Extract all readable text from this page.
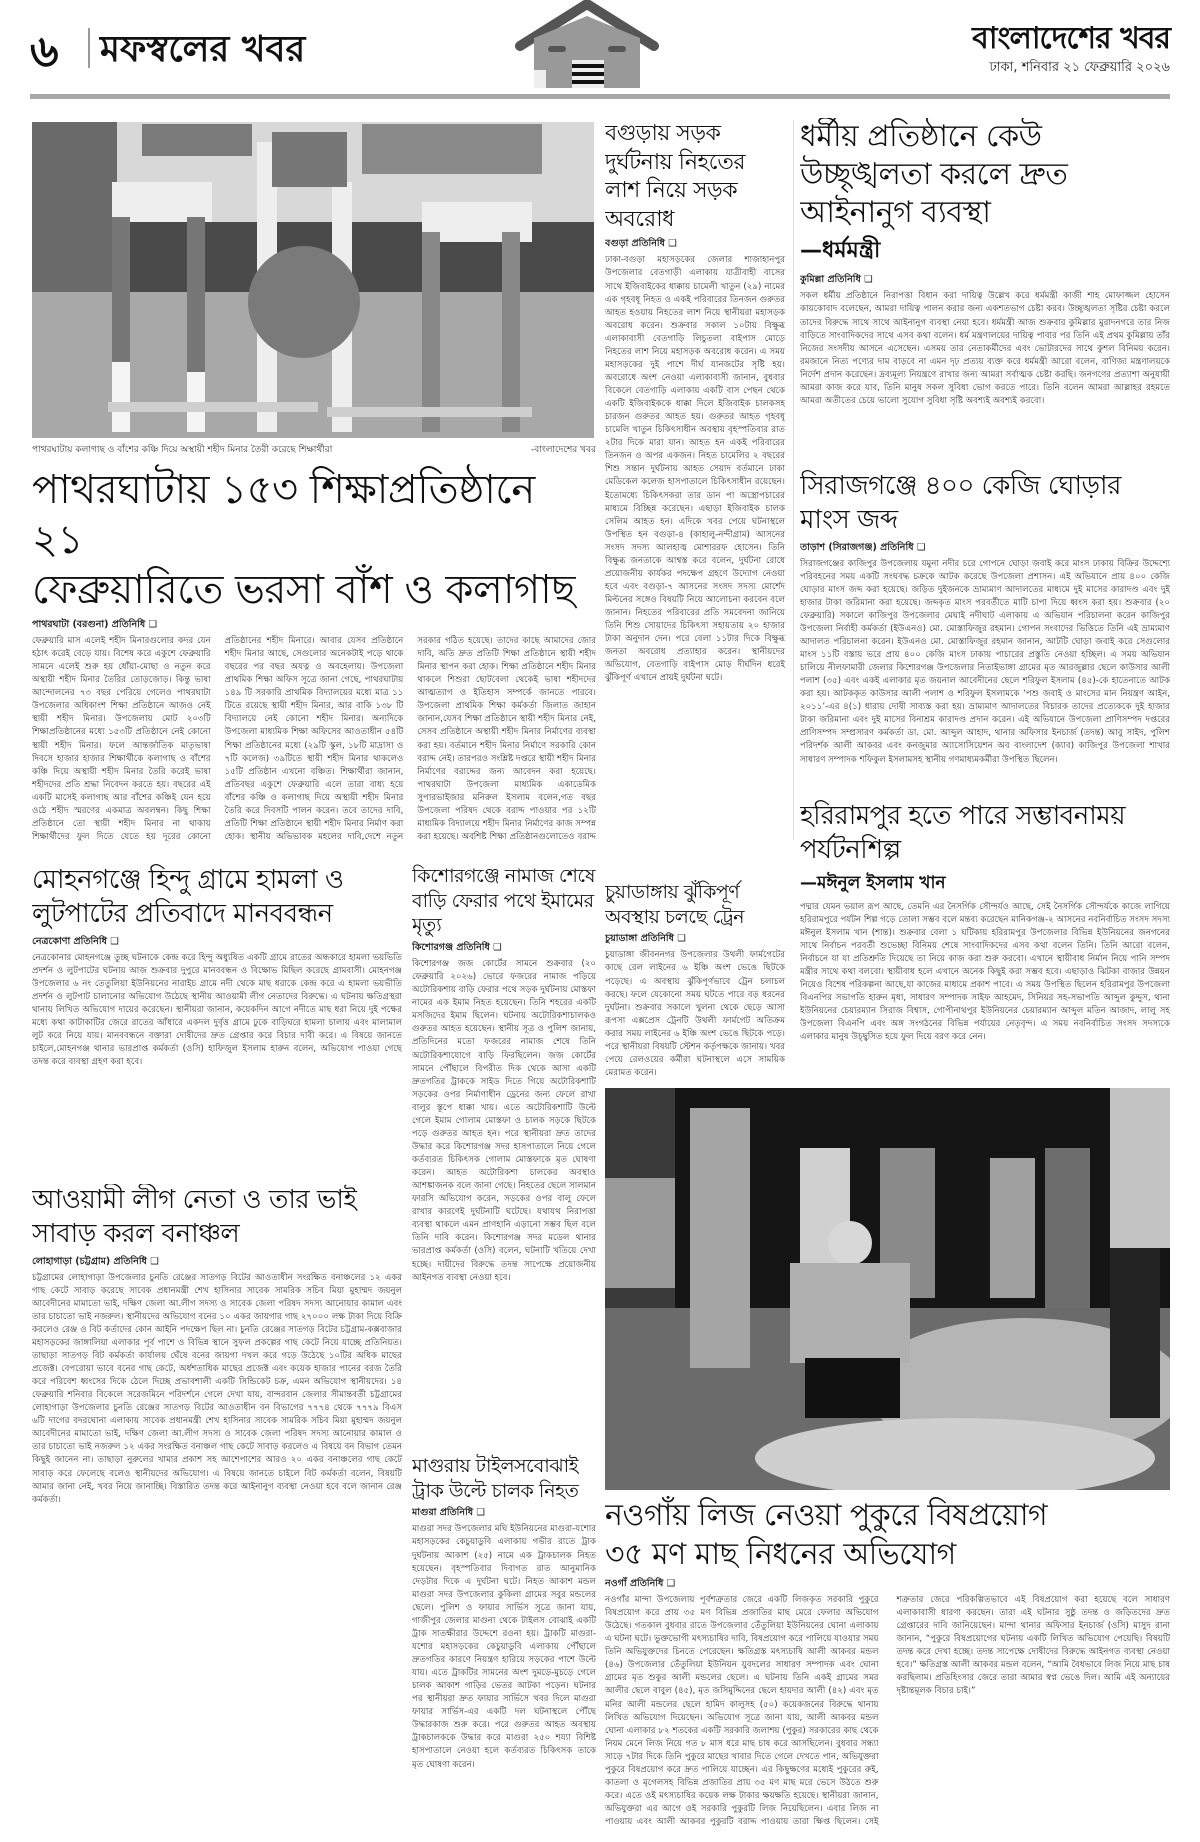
৬ মফস্বলের খবর	বাংলাদেশের খবর
ঢাকা, শনিবার ২১ ফেব্রুয়ারি ২০২৬
পাথরঘাটায় কলাগাছ ও বাঁশের কঞ্চি দিয়ে অস্থায়ী শহীদ মিনার তৈরী করেছে শিক্ষার্থীরা	-বাংলাদেশের খবর
পাথরঘাটায় ১৫৩ শিক্ষাপ্রতিষ্ঠানে ২১
ফেব্রুয়ারিতে ভরসা বাঁশ ও কলাগাছ
পাথরঘাটা (বরগুনা) প্রতিনিধি ❑
ফেব্রুয়ারি মাস এলেই শহীদ মিনারগুলোর কদর যেন হঠাৎ করেই বেড়ে যায়। বিশেষ করে একুশে ফেব্রুয়ারি সামনে এলেই শুরু হয় ধোঁয়া-মোছা ও নতুন করে অস্থায়ী শহীদ মিনার তৈরির তোড়জোড়। কিন্তু ভাষা আন্দোলনের ৭৩ বছর পেরিয়ে গেলেও পাথরঘাটা উপজেলার অধিকাংশ শিক্ষা প্রতিষ্ঠানে আজও নেই স্থায়ী শহীদ মিনার। উপজেলায় মোট ২০৩টি শিক্ষাপ্রতিষ্ঠানের মধ্যে ১৫৩টি প্রতিষ্ঠানে নেই কোনো স্থায়ী শহীদ মিনার। ফলে আন্তর্জাতিক মাতৃভাষা দিবসে হাজার হাজার শিক্ষার্থীকে কলাগাছ ও বাঁশের কঞ্চি দিয়ে অস্থায়ী শহীদ মিনার তৈরি করেই ভাষা শহীদদের প্রতি শ্রদ্ধা নিবেদন করতে হয়। বছরের এই একটি মাসেই কলাগাছ আর বাঁশের কঞ্চিই যেন হয়ে ওঠে শহীদ স্মরণের একমাত্র অবলম্বন। কিছু শিক্ষা প্রতিষ্ঠানে তো স্থায়ী শহীদ মিনার না থাকায় শিক্ষার্থীদের ফুল দিতে যেতে হয় দূরের কোনো প্রতিষ্ঠানের শহীদ মিনারে। আবার যেসব প্রতিষ্ঠানে শহীদ মিনার আছে, সেগুলোর অনেকটাই পড়ে থাকে বছরের পর বছর অযত্ন ও অবহেলায়। উপজেলা প্রাথমিক শিক্ষা অফিস সূত্রে জানা গেছে, পাথরঘাটায় ১৪৯ টি সরকারি প্রাথমিক বিদ্যালয়ের মধ্যে মাত্র ১১ টিতে রয়েছে স্থায়ী শহীদ মিনার, আর বাকি ১৩৮ টি বিদ্যালয়ে নেই কোনো শহীদ মিনার। অন্যদিকে উপজেলা মাধ্যমিক শিক্ষা অফিসের আওতাধীন ৫৪টি শিক্ষা প্রতিষ্ঠানের মধ্যে (২৯টি স্কুল, ১৮টি মাদ্রাসা ও ৭টি কলেজ) ৩৯টিতে স্থায়ী শহীদ মিনার থাকলেও ১৫টি প্রতিষ্ঠান এখনো বঞ্চিত। শিক্ষার্থীরা জানান, প্রতিবছর একুশে ফেব্রুয়ারি এলে তারা বাধ্য হয়ে বাঁশের কঞ্চি ও কলাগাছ দিয়ে অস্থায়ী শহীদ মিনার তৈরি করে দিবসটি পালন করেন। তবে তাদের দাবি, প্রতিটি শিক্ষা প্রতিষ্ঠানে স্থায়ী শহীদ মিনার নির্মাণ করা হোক। স্থানীয় অভিভাবক মহলের দাবি,দেশে নতুন সরকার গঠিত হয়েছে। তাদের কাছে আমাদের জোর দাবি, অতি দ্রুত প্রতিটি শিক্ষা প্রতিষ্ঠানে স্থায়ী শহীদ মিনার স্থাপন করা হোক। শিক্ষা প্রতিষ্ঠানে শহীদ মিনার থাকলে শিশুরা ছোটবেলা থেকেই ভাষা শহীদদের আত্মত্যাগ ও ইতিহাস সম্পর্কে জানতে পারবে। উপজেলা প্রাথমিক শিক্ষা কর্মকর্তা জিলাত জাহান জানান,যেসব শিক্ষা প্রতিষ্ঠানে স্থায়ী শহীদ মিনার নেই, সেসব প্রতিষ্ঠানে অস্থায়ী শহীদ মিনার নির্মাণের ব্যবস্থা করা হয়। বর্তমানে শহীদ মিনার নির্মাণে সরকারি কোন বরাদ্দ নেই। তারপরও সংশ্লিষ্ট দপ্তরে স্থায়ী শহীদ মিনার নির্মাণের বরাদ্দের জন্য আবেদন করা হয়েছে। পাথরঘাটা উপজেলা মাধ্যমিক একাডেমিক সুপারভাইজার মনিরুল ইসলাম বলেন,গত বছর উপজেলা পরিষদ থেকে বরাদ্দ পাওয়ার পর ১২টি মাধ্যমিক বিদ্যালয়ে শহীদ মিনার নির্মাণের কাজ সম্পন্ন করা হয়েছে। অবশিষ্ট শিক্ষা প্রতিষ্ঠানগুলোতেও বরাদ্দ
বগুড়ায় সড়ক দুর্ঘটনায় নিহতের লাশ নিয়ে সড়ক অবরোধ
বগুড়া প্রতিনিধি ❑
ঢাকা-বগুড়া মহাসড়কের জেলার শাজাহানপুর উপজেলার বেতগাড়ী এলাকায় যাত্রীবাহী বাসের সাথে ইজিবাইকের ধাক্কায় চামেলী খাতুন (২৯) নামের এক গৃহবধূ নিহত ও একই পরিবারের তিনজন গুরুতর আহত হওয়ায় নিহতের লাশ নিয়ে স্থানীয়রা মহাসড়ক অবরোধ করেন। শুক্রবার সকাল ১০টায় বিক্ষুব্ধ এলাকাবাসী বেতগাড়ি লিচুতলা বাইপাস মোড়ে নিহতের লাশ নিয়ে মহাসড়ক অবরোধ করেন। এ সময় মহাসড়কের দুই পাশে দীর্ঘ যানজটের সৃষ্টি হয়। অবরোধে অংশ নেওয়া এলাকাবাসী জানান, বুধবার বিকেলে বেতগাড়ি এলাকায় একটি বাস পেছন থেকে একটি ইজিবাইককে ধাক্কা দিলে ইজিবাইক চালকসহ চারজন গুরুতর আহত হয়। গুরুতর আহত গৃহবধূ চামেলি খাতুন চিকিৎসাধীন অবস্থায় বৃহস্পতিবার রাত ২টার দিকে মারা যান। আহত হন একই পরিবারের তিনজন ও অপর একজন। নিহত চামেলির ২ বছরের শিশু সন্তান দুর্ঘটনায় আহত সেয়াদ বর্তমানে ঢাকা মেডিকেল কলেজ হাসপাতালে চিকিৎসাধীন রয়েছেন। ইতোমধ্যে চিকিৎসকরা তার ডান পা অস্ত্রোপচারের মাধ্যমে বিচ্ছিন্ন করেছেন। এছাড়া ইজিবাইক চালক সেলিম আহত হন। এদিকে খবর পেয়ে ঘটনাস্থলে উপস্থিত হন বগুড়া-৪ (কাহালু-নন্দীগ্রাম) আসনের সংসদ সদস্য আলহাজ্ব মোশাররফ হোসেন। তিনি বিক্ষুব্ধ জনতাকে আশ্বস্ত করে বলেন, দুর্ঘটনা রোধে প্রয়োজনীয় কার্যকর পদক্ষেপ গ্রহণে উদ্যোগ নেওয়া হবে এবং বগুড়া-৭ আসনের সংসদ সদস্য মোর্শেদ মিল্টনের সঙ্গেও বিষয়টি নিয়ে আলোচনা করবেন বলে জানান। নিহতের পরিবারের প্রতি সমবেদনা জানিয়ে তিনি শিশু সোয়াদের চিকিৎসা সহায়তায় ২০ হাজার টাকা অনুদান দেন। পরে বেলা ১১টার দিকে বিক্ষুব্ধ জনতা অবরোধ প্রত্যাহার করেন। স্থানীয়দের অভিযোগ, বেতগাড়ি বাইপাস মোড় দীর্ঘদিন ধরেই ঝুঁকিপূর্ণ এখানে প্রায়ই দুর্ঘটনা ঘটে।
ধর্মীয় প্রতিষ্ঠানে কেউ উচ্ছৃঙ্খলতা করলে দ্রুত আইনানুগ ব্যবস্থা
—ধর্মমন্ত্রী
কুমিল্লা প্রতিনিধি ❑
সকল ধর্মীয় প্রতিষ্ঠানে নিরাপত্তা বিধান করা দায়িত্ব উল্লেখ করে ধর্মমন্ত্রী কাজী শাহ মোফাজ্জল হোসেন কায়কোবাদ বলেছেন, আমরা দায়িত্ব পালন করার জন্য একশতভাগ চেষ্টা করব। উচ্ছৃঙ্খলতা সৃষ্টির চেষ্টা করলে তাদের বিরুদ্ধে সাথে সাথে আইনানুগ ব্যবস্থা নেয়া হবে। ধর্মমন্ত্রী আজ শুক্রবার কুমিল্লার মুরাদনগরে তার নিজ বাড়িতে সাংবাদিকদের সাথে এসব কথা বলেন। ধর্ম মন্ত্রণালয়ের দায়িত্ব পাবার পর তিনি এই প্রথম কুমিল্লায় তাঁর নিজের সংসদীয় আসনে এসেছেন। এসময় তার নেতাকর্মীদের এবং ভোটারদের সাথে কুশল বিনিময় করেন। রমজানে নিত্য পণ্যের দাম বাড়বে না এমন দৃঢ় প্রত্যয় ব্যক্ত করে ধর্মমন্ত্রী আরো বলেন, বাণিজ্য মন্ত্রণালয়কে নির্দেশ প্রদান করেছেন। দ্রব্যমূল্য নিয়ন্ত্রণে রাখার জন্য আমরা সর্বাত্মক চেষ্টা করছি। জনগণের প্রত্যাশা অনুযায়ী আমরা কাজ করে যাব, তিনি মানুষ সকল সুবিধা ভোগ করতে পারে। তিনি বলেন আমরা আল্লাহর রহমতে আমরা অতীতের চেয়ে ভালো সুযোগ সুবিধা সৃষ্টি অবশ্যই অবশ্যই করবো।
সিরাজগঞ্জে ৪০০ কেজি ঘোড়ার মাংস জব্দ
তাড়াশ (সিরাজগঞ্জ) প্রতিনিধি ❑
সিরাজগঞ্জের কাজিপুর উপজেলায় যমুনা নদীর চরে গোপনে ঘোড়া জবাই করে মাংস ঢাকায় বিক্রির উদ্দেশ্যে পরিবহনের সময় একটি সংঘবদ্ধ চক্রকে আটক করেছে উপজেলা প্রশাসন। এই অভিযানে প্রায় ৪০০ কেজি ঘোড়ার মাংস জব্দ করা হয়েছে। জড়িত দুইজনকে ভ্রাম্যমাণ আদালতের মাধ্যমে দুই মাসের কারাদণ্ড এবং দুই হাজার টাকা জরিমানা করা হয়েছে। জব্দকৃত মাংস পরবর্তীতে মাটি চাপা দিয়ে ধ্বংস করা হয়। শুক্রবার (২০ ফেব্রুয়ারি) সকালে কাজিপুর উপজেলার মেঘাই নদীঘাট এলাকায় এ অভিযান পরিচালনা করেন কাজিপুর উপজেলা নির্বাহী কর্মকর্তা (ইউএনও) মো. মোস্তাফিজুর রহমান। গোপন সংবাদের ভিত্তিতে তিনি এই ভ্রাম্যমাণ আদালত পরিচালনা করেন। ইউএনও মো. মোস্তাফিজুর রহমান জানান, আটটি ঘোড়া জবাই করে সেগুলোর মাংস ১১টি বস্তায় ভরে প্রায় ৪০০ কেজি মাংস ঢাকায় পাচারের প্রস্তুতি নেওয়া হচ্ছিল। এ সময় অভিযান চালিয়ে নীলফামারী জেলার কিশোরগঞ্জ উপজেলার নিতাইভাঙ্গা গ্রামের মৃত আরজুল্লার ছেলে কাউসার আলী পলাশ (৩৫) এবং একই এলাকার মৃত জয়নাল আবেদীনের ছেলে শরিফুল ইসলাম (৪৫)-কে হাতেনাতে আটক করা হয়। আটককৃত কাউসার আলী পলাশ ও শরিফুল ইসলামকে ‘পশু জবাই ও মাংসের মান নিয়ন্ত্রণ আইন, ২০১১’-এর ৪(১) ধারায় দোষী সাব্যস্ত করা হয়। ভ্রাম্যমাণ আদালতের বিচারক তাদের প্রত্যেককে দুই হাজার টাকা জরিমানা এবং দুই মাসের বিনাশ্রম কারাদণ্ড প্রদান করেন। এই অভিযানে উপজেলা প্রাণিসম্পদ দপ্তরের প্রাণিসম্পদ সম্প্রসারণ কর্মকর্তা ডা. মো. আব্দুল আহাদ, থানার অফিসার ইনচার্জ (তদন্ত) আবু সাইদ, পুলিশ পরিদর্শক আলী আকবর এবং কনজুমার অ্যাসোসিয়েশন অব বাংলাদেশ (ক্যাব) কাজিপুর উপজেলা শাখার সাধারণ সম্পাদক শফিকুল ইসলামসহ স্থানীয় গণমাধ্যমকর্মীরা উপস্থিত ছিলেন।
হরিরামপুর হতে পারে সম্ভাবনাময় পর্যটনশিল্প
—মঈনুল ইসলাম খান
পদ্মার যেমন ভয়াল রূপ আছে, তেমনি এর নৈসর্গিক সৌন্দর্যও আছে, সেই নৈসর্গিক সৌন্দর্যকে কাজে লাগিয়ে হরিরামপুরে পর্যটন শিল্প গড়ে তোলা সম্ভব বলে মন্তব্য করেছেন মানিকগঞ্জ-২ আসনের নবনির্বাচিত সংসদ সদস্য মঈনুল ইসলাম খান (শান্ত)। শুক্রবার বেলা ১ ঘটিকায় হরিরামপুর উপজেলার বিভিন্ন ইউনিয়নের জনগনের সাথে নির্বাচন পরবর্তী শুভেচ্ছা বিনিময় শেষে সাংবাদিকদের এসব কথা বলেন তিনি। তিনি আরো বলেন, নির্বাচনে যা যা প্রতিশ্রুতি দিয়েছে তা নিয়ে কাজ করা শুরু করবো। এখানে স্থায়ীবাধ নির্মান নিয়ে পানি সম্পদ মন্ত্রীর সাথে কথা বলবো। স্থায়ীবাধ হলে এখানে অনেক কিছুই করা সম্ভব হবে। এছাড়াও ঝিটকা বাজার উন্নয়ন নিয়েও বিশেষ পরিকল্পনা আছে,যা কাজের মাধ্যমে প্রকাশ পাবে। এ সময় উপস্থিত ছিলেন হরিরামপুর উপজেলা বিএনপির সভাপতি হারুন মৃধা, সাধারণ সম্পাদক সাইফ আহমেদ, সিনিয়র সহ-সভাপতি আব্দুল কুদ্দুস, থানা ইউনিয়নের চেয়ারম্যান সিরাজ বিশ্বাস, গোপীনাথপুর ইউনিয়নের চেয়ারম্যান আব্দুল মতিন আজাদ, লালু সহ উপজেলা বিএনপি এবং অঙ্গ সংগঠনের বিভিন্ন পর্যায়ের নেতৃবৃন্দ। এ সময় নবনির্বাচিত সংসদ সদস্যকে এলাকার মানুষ উচ্ছ্বসিত হয়ে ফুল দিয়ে বরণ করে নেন।
মোহনগঞ্জে হিন্দু গ্রামে হামলা ও লুটপাটের প্রতিবাদে মানববন্ধন
নেত্রকোণা প্রতিনিধি ❑
নেত্রকোনার মোহনগঞ্জে তুচ্ছ ঘটনাকে কেন্দ্র করে হিন্দু অধ্যুষিত একটি গ্রামে রাতের অন্ধকারে হামলা ভয়ভিতি প্রদর্শন ও লুটপাটের ঘটনায় আজ শুক্রবার দুপুরে মানববন্ধন ও বিক্ষোভ মিছিল করেছে গ্রামবাসী। মোহনগঞ্জ উপজেলার ৬ নং তেতুলিয়া ইউনিয়নের নারাইচ গ্রামে নদী থেকে মাছ ধরাকে কেন্দ্র করে এ হামলা ভয়ভীতি প্রদর্শন ও লুটপাট চালানোর অভিযোগ উঠেছে স্থানীয় আওয়ামী লীগ নেতাদের বিরুদ্ধে। এ ঘটনায় ক্ষতিগ্রস্থরা থানায় লিখিত অভিযোগ দায়ের করেছেন। স্থানীয়রা জানান, কয়েকদিন আগে নদীতে মাছ ধরা নিয়ে দুই পক্ষের মধ্যে কথা কাটাকাটির জেরে রাতের আঁধারে একদল দুর্বৃত্ত গ্রামে ঢুকে বাড়িঘরে হামলা চালায় এবং মালামাল লুট করে নিয়ে যায়। মানববন্ধনে বক্তারা দোষীদের দ্রুত গ্রেপ্তার করে বিচার দাবী করে। এ বিষয়ে জানতে চাইলে,মোহনগঞ্জ থানার ভারপ্রাপ্ত কর্মকর্তা (ওসি) হাফিজুল ইসলাম হারুন বলেন, অভিযোগ পাওয়া গেছে তদন্ত করে ব্যবস্থা গ্রহণ করা হবে।
কিশোরগঞ্জে নামাজ শেষে বাড়ি ফেরার পথে ইমামের মৃত্যু
কিশোরগঞ্জ প্রতিনিধি ❑
কিশোরগঞ্জ জজ কোর্টের সামনে শুক্রবার (২০ ফেব্রুয়ারি ২০২৬) ভোরে ফজরের নামাজ পড়িয়ে অটোরিকশায় বাড়ি ফেরার পথে সড়ক দুর্ঘটনায় মোস্তফা নামের এক ইমাম নিহত হয়েছেন। তিনি শহরের একটি মসজিদের ইমাম ছিলেন। ঘটনায় অটোরিকশাচালকও গুরুতর আহত হয়েছেন। স্থানীয় সূত্র ও পুলিশ জানায়, প্রতিদিনের মতো ফজরের নামাজ শেষে তিনি অটোরিকশাযোগে বাড়ি ফিরছিলেন। জজ কোর্টের সামনে পৌঁছালে বিপরীত দিক থেকে আসা একটি দ্রুতগতির ট্রাককে সাইড দিতে গিয়ে অটোরিকশাটি সড়কের ওপর নির্মাণাধীন ড্রেনের জন্য ফেলে রাখা বালুর স্তূপে ধাক্কা খায়। এতে অটোরিকশাটি উল্টে গেলে ইমাম গোলাম মোস্তফা ও চালক সড়কে ছিটকে পড়ে গুরুতর আহত হন। পরে স্থানীয়রা দ্রুত তাদের উদ্ধার করে কিশোরগঞ্জ সদর হাসপাতালে নিয়ে গেলে কর্তব্যরত চিকিৎসক গোলাম মোস্তফাকে মৃত ঘোষণা করেন। আহত অটোরিকশা চালকের অবস্থাও আশঙ্কাজনক বলে জানা গেছে। নিহতের ছেলে সালমান ফারসি অভিযোগ করেন, সড়কের ওপর বালু ফেলে রাখার কারণেই দুর্ঘটনাটি ঘটেছে। যথাযথ নিরাপত্তা ব্যবস্থা থাকলে এমন প্রাণহানি এড়ানো সম্ভব ছিল বলে তিনি দাবি করেন। কিশোরগঞ্জ সদর মডেল থানার ভারপ্রাপ্ত কর্মকর্তা (ওসি) বলেন, ঘটনাটি খতিয়ে দেখা হচ্ছে। দায়ীদের বিরুদ্ধে তদন্ত সাপেক্ষে প্রয়োজনীয় আইনগত ব্যবস্থা নেওয়া হবে।
চুয়াডাঙ্গায় ঝুঁকিপূর্ণ অবস্থায় চলছে ট্রেন
চুয়াডাঙ্গা প্রতিনিধি ❑
চুয়াডাঙ্গা জীবননগর উপজেলার উথলী ফার্মগেটের কাছে রেল লাইনের ৬ ইঞ্চি অংশ ভেঙে ছিটকে পড়েছে। এ অবস্থায় ঝুঁকিপূর্ণভাবে ট্রেন চলাচল করছে। ফলে যেকোনো সময় ঘটতে পারে বড় ধরনের দুর্ঘটনা। শুক্রবার সকালে খুলনা থেকে ছেড়ে আসা রূপসা এক্সপ্রেস ট্রেনটি উথলী ফার্মগেট অতিক্রম করার সময় লাইনের ৬ ইঞ্চি অংশ ভেঙে ছিটকে পড়ে। পরে স্থানীয়রা বিষয়টি স্টেশন কর্তৃপক্ষকে জানায়। খবর পেয়ে রেলওয়ের কর্মীরা ঘটনাস্থলে এসে সাময়িক মেরামত করেন।
আওয়ামী লীগ নেতা ও তার ভাই সাবাড় করল বনাঞ্চল
লোহাগাড়া (চট্টগ্রাম) প্রতিনিধি ❑
চট্টগ্রামের লোহাগাড়া উপজেলার চুনতি রেঞ্জের সাতগড় বিটের আওতাধীন সংরক্ষিত বনাঞ্চলের ১২ একর গাছ কেটে সাবাড় করেছে সাবেক প্রধানমন্ত্রী শেখ হাসিনার সাবেক সামরিক সচিব মিয়া মুহাম্মদ জয়নুল আবেদীনের মামাতো ভাই, দক্ষিণ জেলা আ.লীগ সদস্য ও সাবেক জেলা পরিষদ সদস্য আনোয়ার কামাল এবং তার চাচাতো ভাই নজরুল। স্থানীয়দের অভিযোগ বনের ১০ একর জায়গার গাছ ২৭০০০ লক্ষ টাকা দিয়ে বিক্রি করলেও রেঞ্জ ও বিট কর্তাদের কোন আইনি পদক্ষেপ ছিল না। চুনতি রেঞ্জের সাতগড় বিটের চট্টগ্রাম-কক্সবাজার মহাসড়কের জাঙ্গালিয়া এলাকার পূর্ব পাশে ও বিভিন্ন স্থানে সুফল প্রকল্পের গাছ কেটে নিয়ে যাচ্ছে প্রতিনিয়ত। তাছাড়া সাতগড় বিট কর্মকর্তা কার্যালয় ঘেঁষে বনের জায়গা দখল করে গড়ে উঠেছে ১০টির অধিক মাছের প্রজেক্ট। বেপরোয়া ভাবে বনের গাছ কেটে, অর্ধশতাধিক মাছের প্রজেক্ট এবং কয়েক হাজার পানের বরজ তৈরি করে পরিবেশ ধ্বংসের দিকে ঠেলে দিচ্ছে প্রভাবশালী একটি সিন্ডিকেট চক্র, এমন অভিযোগ স্থানীয়দের। ১৪ ফেব্রুয়ারি শনিবার বিকেলে সরেজমিনে পরিদর্শনে গেলে দেখা যায়, বান্দরবান জেলার সীমান্তবর্তী চট্টগ্রামের লোহাগাড়া উপজেলার চুনতি রেঞ্জের সাতগড় বিটের আওতাধীন বন বিভাগের ৭৭৭৪ থেকে ৭৭৭৯ বিএস ৬টি দাগের বদরঘোনা এলাকায় সাবেক প্রধানমন্ত্রী শেখ হাসিনার সাবেক সামরিক সচিব মিয়া মুহাম্মদ জয়নুল আবেদীনের মামাতো ভাই, দক্ষিণ জেলা আ.লীগ সদস্য ও সাবেক জেলা পরিষদ সদস্য আনোয়ার কামাল ও তার চাচাতো ভাই নজরুল ১২ একর সংরক্ষিত বনাঞ্চল গাছ কেটে সাবাড় করলেও এ বিষয়ে বন বিভাগ তেমন কিছুই জানেন না। তাছাড়া নুরুলের খামার প্রকাশ সহ আশেপাশের আরও ২০ একর বনাঞ্চলের গাছ কেটে সাবাড় করে ফেলেছে বলেও স্থানীয়দের অভিযোগ। এ বিষয়ে জানতে চাইলে বিট কর্মকর্তা বলেন, বিষয়টি আমার জানা নেই, খবর নিয়ে জানাচ্ছি। বিস্তারিত তদন্ত করে আইনানুগ ব্যবস্থা নেওয়া হবে বলে জানান রেঞ্জ কর্মকর্তা।
মাগুরায় টাইলসবোঝাই ট্রাক উল্টে চালক নিহত
মাগুরা প্রতিনিধি ❑
মাগুরা সদর উপজেলার মঘি ইউনিয়নের মাগুরা-যশোর মহাসড়কের কেচুয়াডুবি এলাকায় গভীর রাতে ট্রাক দুর্ঘটনায় আকাশ (২৫) নামে এক ট্রাকচালক নিহত হয়েছেন। বৃহস্পতিবার দিবাগত রাত আনুমানিক দেড়টার দিকে এ দুর্ঘটনা ঘটে। নিহত আকাশ মন্ডল মাগুরা সদর উপজেলার কুকিলা গ্রামের সবুর মন্ডলের ছেলে। পুলিশ ও ফায়ার সার্ভিস সূত্রে জানা যায়, গাজীপুর জেলার মাগুনা থেকে টাইলস বোঝাই একটি ট্রাক সাতক্ষীরার উদ্দেশে রওনা হয়। ট্রাকটি মাগুরা-যশোর মহাসড়কের কেচুয়াডুবি এলাকায় পৌঁছালে দ্রুতগতির কারণে নিয়ন্ত্রণ হারিয়ে সড়কের পাশে উল্টে যায়। এতে ট্রাকটির সামনের অংশ দুমড়ে-মুচড়ে গেলে চালক আকাশ গাড়ির ভেতর আটকা পড়েন। ঘটনার পর স্থানীয়রা দ্রুত ফায়ার সার্ভিসে খবর দিলে মাগুরা ফায়ার সার্ভিস-এর একটি দল ঘটনাস্থলে পৌঁছে উদ্ধারকাজ শুরু করে। পরে গুরুতর আহত অবস্থায় ট্রাকচালককে উদ্ধার করে মাগুরা ২৫০ শয্যা বিশিষ্ট হাসপাতালে নেওয়া হলে কর্তব্যরত চিকিৎসক তাকে মৃত ঘোষণা করেন।
নওগাঁয় লিজ নেওয়া পুকুরে বিষপ্রয়োগ
৩৫ মণ মাছ নিধনের অভিযোগ
নওগাঁ প্রতিনিধি ❑
নওগাঁর মান্দা উপজেলায় পূর্বশত্রুতার জেরে একটি লিজকৃত সরকারি পুকুরে বিষপ্রয়োগ করে প্রায় ৩৫ মণ বিভিন্ন প্রজাতির মাছ মেরে ফেলার অভিযোগ উঠেছে। গতকাল বুধবার রাতে উপজেলার তেঁতুলিয়া ইউনিয়নের ঘোনা এলাকায় এ ঘটনা ঘটে। ভুক্তভোগী মৎস্যচাষির দাবি, বিষপ্রয়োগ করে পালিয়ে যাওয়ার সময় তিনি অভিযুক্তদের চিনতে পেরেছেন। ক্ষতিগ্রস্ত মৎস্যচাষি আলী আকবর মন্ডল (৪৬) উপজেলার তেঁতুলিয়া ইউনিয়ন যুবদলের সাধারণ সম্পাদক এবং ঘোনা গ্রামের মৃত শুকুর আলী মন্ডলের ছেলে। এ ঘটনায় তিনি একই গ্রামের সমর আলীর ছেলে বাবুল (৪৫), মৃত জসিমুদ্দিনের ছেলে হায়দার আলী (৪২) এবং মৃত মনির আলী মন্ডলের ছেলে হামিদ কালুসহ (৫০) কয়েকজনের বিরুদ্ধে থানায় লিখিত অভিযোগ দিয়েছেন। অভিযোগ সূত্রে জানা যায়, আলী আকবর মন্ডল ঘোনা এলাকার ৮২ শতকের একটি সরকারি জলাশয় (পুকুর) সরকারের কাছ থেকে নিয়ম মেনে লিজ নিয়ে গত ৮ মাস ধরে মাছ চাষ করে আসছিলেন। বুধবার সন্ধ্যা সাড়ে ৭টার দিকে তিনি পুকুরে মাছের খাবার দিতে গেলে দেখতে পান, অভিযুক্তরা পুকুরে বিষপ্রয়োগ করে দ্রুত পালিয়ে যাচ্ছেন। এর কিছুক্ষণের মধ্যেই পুকুরের রুই, কাতলা ও মৃগেলসহ বিভিন্ন প্রজাতির প্রায় ৩৫ মণ মাছ মরে ভেসে উঠতে শুরু করে। এতে ওই মৎস্যচাষির কয়েক লক্ষ টাকার ক্ষয়ক্ষতি হয়েছে। স্থানীয়রা জানান, অভিযুক্তরা এর আগে ওই সরকারি পুকুরটি লিজ নিয়েছিলেন। এবার লিজ না পাওয়ায় এবং আলী আকবর পুকুরটি বরাদ্দ পাওয়ায় তারা ক্ষিপ্ত ছিলেন। সেই শত্রুতার জেরে পরিকল্পিতভাবে এই বিষপ্রয়োগ করা হয়েছে বলে সাধারণ এলাকাবাসী ধারণা করছেন। তারা এই ঘটনার সুষ্ঠু তদন্ত ও জড়িতদের দ্রুত গ্রেপ্তারের দাবি জানিয়েছেন। মান্দা থানার অফিসার ইনচার্জ (ওসি) মাসুদ রানা জানান, “পুকুরে বিষপ্রয়োগের ঘটনায় একটি লিখিত অভিযোগ পেয়েছি। বিষয়টি তদন্ত করে দেখা হচ্ছে। তদন্ত সাপেক্ষে দোষীদের বিরুদ্ধে আইনগত ব্যবস্থা নেওয়া হবে।” ক্ষতিগ্রস্ত আলী আকবর মন্ডল বলেন, “আমি বৈধভাবে লিজ নিয়ে মাছ চাষ করছিলাম। প্রতিহিংসার জেরে তারা আমার স্বপ্ন ভেঙে দিল। আমি এই অন্যায়ের দৃষ্টান্তমূলক বিচার চাই।”
